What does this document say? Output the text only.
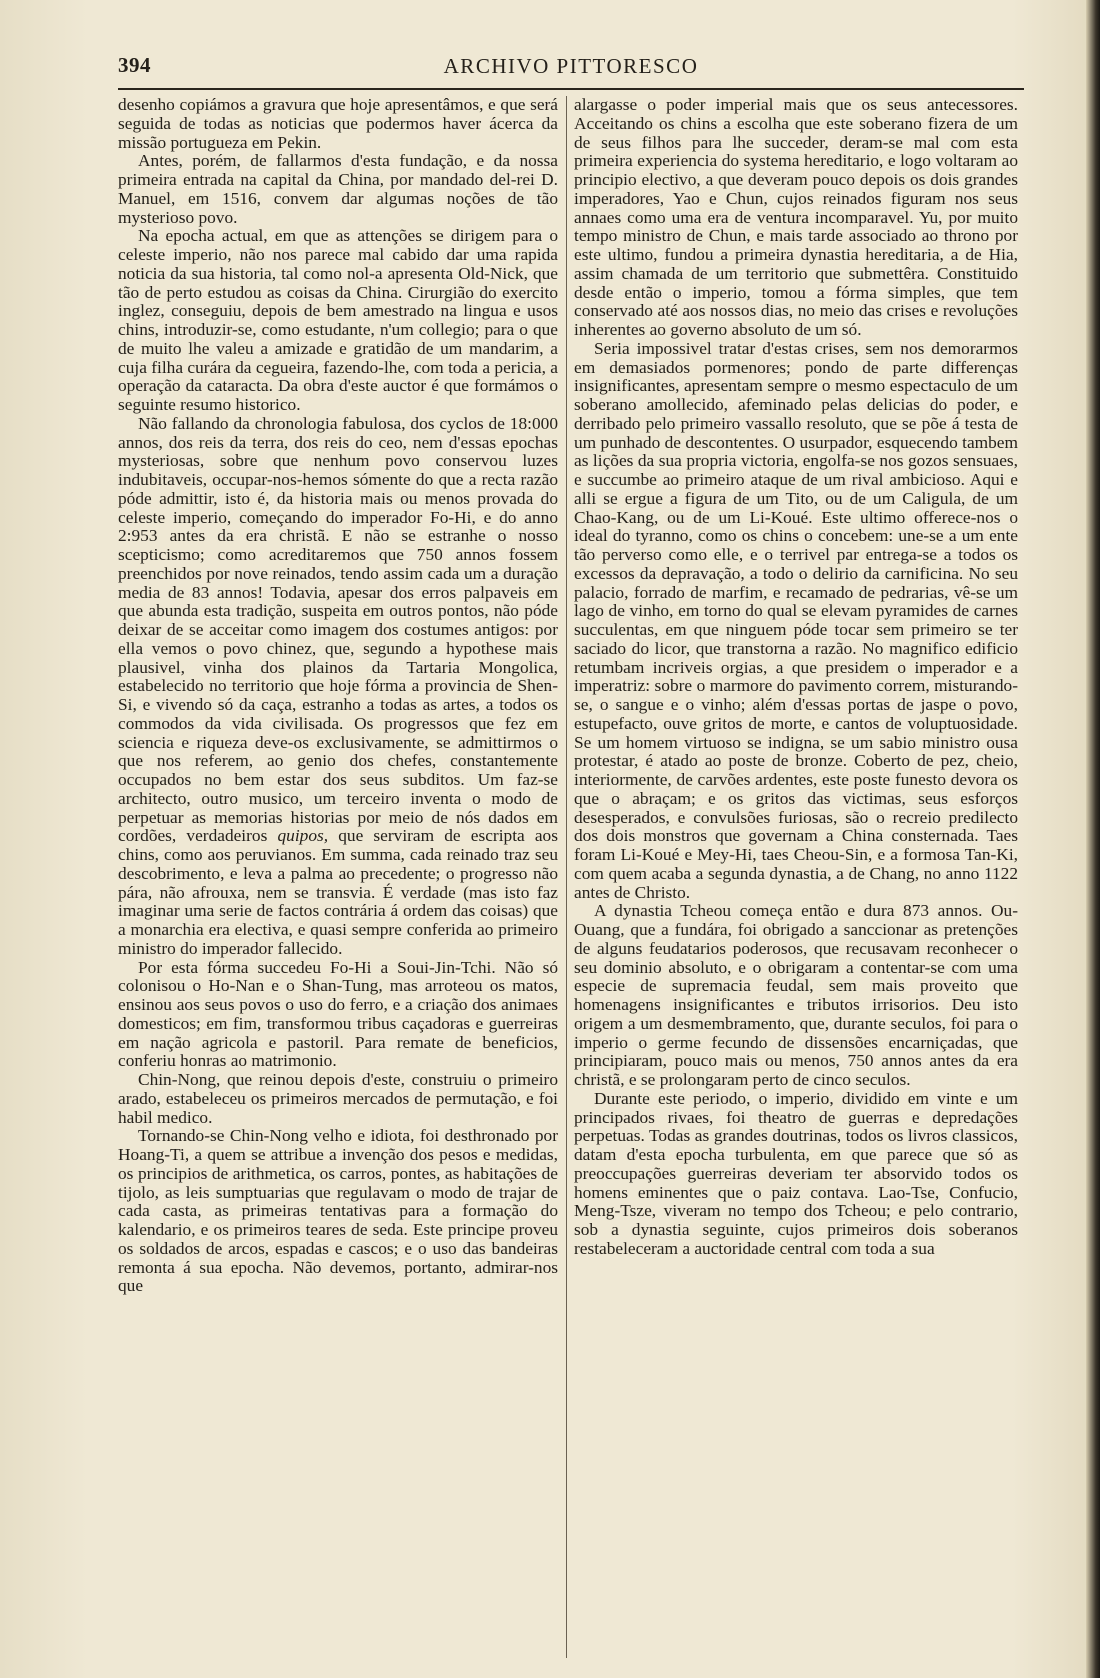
394	ARCHIVO PITTORESCO

desenho copiámos a gravura que hoje apresentâmos, e que será seguida de todas as noticias que podermos haver ácerca da missão portugueza em Pekin.

Antes, porém, de fallarmos d'esta fundação, e da nossa primeira entrada na capital da China, por mandado del-rei D. Manuel, em 1516, convem dar algumas noções de tão mysterioso povo.

Na epocha actual, em que as attenções se dirigem para o celeste imperio, não nos parece mal cabido dar uma rapida noticia da sua historia, tal como nol-a apresenta Old-Nick, que tão de perto estudou as coisas da China. Cirurgião do exercito inglez, conseguiu, depois de bem amestrado na lingua e usos chins, introduzir-se, como estudante, n'um collegio; para o que de muito lhe valeu a amizade e gratidão de um mandarim, a cuja filha curára da cegueira, fazendo-lhe, com toda a pericia, a operação da cataracta. Da obra d'este auctor é que formámos o seguinte resumo historico.

Não fallando da chronologia fabulosa, dos cyclos de 18:000 annos, dos reis da terra, dos reis do ceo, nem d'essas epochas mysteriosas, sobre que nenhum povo conservou luzes indubitaveis, occupar-nos-hemos sómente do que a recta razão póde admittir, isto é, da historia mais ou menos provada do celeste imperio, começando do imperador Fo-Hi, e do anno 2:953 antes da era christã. E não se estranhe o nosso scepticismo; como acreditaremos que 750 annos fossem preenchidos por nove reinados, tendo assim cada um a duração media de 83 annos! Todavia, apesar dos erros palpaveis em que abunda esta tradição, suspeita em outros pontos, não póde deixar de se acceitar como imagem dos costumes antigos: por ella vemos o povo chinez, que, segundo a hypothese mais plausivel, vinha dos plainos da Tartaria Mongolica, estabelecido no territorio que hoje fórma a provincia de Shen-Si, e vivendo só da caça, estranho a todas as artes, a todos os commodos da vida civilisada. Os progressos que fez em sciencia e riqueza deve-os exclusivamente, se admittirmos o que nos referem, ao genio dos chefes, constantemente occupados no bem estar dos seus subditos. Um faz-se architecto, outro musico, um terceiro inventa o modo de perpetuar as memorias historias por meio de nós dados em cordões, verdadeiros quipos, que serviram de escripta aos chins, como aos peruvianos. Em summa, cada reinado traz seu descobrimento, e leva a palma ao precedente; o progresso não pára, não afrouxa, nem se transvia. É verdade (mas isto faz imaginar uma serie de factos contrária á ordem das coisas) que a monarchia era electiva, e quasi sempre conferida ao primeiro ministro do imperador fallecido.

Por esta fórma succedeu Fo-Hi a Soui-Jin-Tchi. Não só colonisou o Ho-Nan e o Shan-Tung, mas arroteou os matos, ensinou aos seus povos o uso do ferro, e a criação dos animaes domesticos; em fim, transformou tribus caçadoras e guerreiras em nação agricola e pastoril. Para remate de beneficios, conferiu honras ao matrimonio.

Chin-Nong, que reinou depois d'este, construiu o primeiro arado, estabeleceu os primeiros mercados de permutação, e foi habil medico.

Tornando-se Chin-Nong velho e idiota, foi desthronado por Hoang-Ti, a quem se attribue a invenção dos pesos e medidas, os principios de arithmetica, os carros, pontes, as habitações de tijolo, as leis sumptuarias que regulavam o modo de trajar de cada casta, as primeiras tentativas para a formação do kalendario, e os primeiros teares de seda. Este principe proveu os soldados de arcos, espadas e cascos; e o uso das bandeiras remonta á sua epocha. Não devemos, portanto, admirar-nos que

alargasse o poder imperial mais que os seus antecessores. Acceitando os chins a escolha que este soberano fizera de um de seus filhos para lhe succeder, deram-se mal com esta primeira experiencia do systema hereditario, e logo voltaram ao principio electivo, a que deveram pouco depois os dois grandes imperadores, Yao e Chun, cujos reinados figuram nos seus annaes como uma era de ventura incomparavel. Yu, por muito tempo ministro de Chun, e mais tarde associado ao throno por este ultimo, fundou a primeira dynastia hereditaria, a de Hia, assim chamada de um territorio que submettêra. Constituido desde então o imperio, tomou a fórma simples, que tem conservado até aos nossos dias, no meio das crises e revoluções inherentes ao governo absoluto de um só.

Seria impossivel tratar d'estas crises, sem nos demorarmos em demasiados pormenores; pondo de parte differenças insignificantes, apresentam sempre o mesmo espectaculo de um soberano amollecido, afeminado pelas delicias do poder, e derribado pelo primeiro vassallo resoluto, que se põe á testa de um punhado de descontentes. O usurpador, esquecendo tambem as lições da sua propria victoria, engolfa-se nos gozos sensuaes, e succumbe ao primeiro ataque de um rival ambicioso. Aqui e alli se ergue a figura de um Tito, ou de um Caligula, de um Chao-Kang, ou de um Li-Koué. Este ultimo offerece-nos o ideal do tyranno, como os chins o concebem: une-se a um ente tão perverso como elle, e o terrivel par entrega-se a todos os excessos da depravação, a todo o delirio da carnificina. No seu palacio, forrado de marfim, e recamado de pedrarias, vê-se um lago de vinho, em torno do qual se elevam pyramides de carnes succulentas, em que ninguem póde tocar sem primeiro se ter saciado do licor, que transtorna a razão. No magnifico edificio retumbam incriveis orgias, a que presidem o imperador e a imperatriz: sobre o marmore do pavimento correm, misturando-se, o sangue e o vinho; além d'essas portas de jaspe o povo, estupefacto, ouve gritos de morte, e cantos de voluptuosidade. Se um homem virtuoso se indigna, se um sabio ministro ousa protestar, é atado ao poste de bronze. Coberto de pez, cheio, interiormente, de carvões ardentes, este poste funesto devora os que o abraçam; e os gritos das victimas, seus esforços desesperados, e convulsões furiosas, são o recreio predilecto dos dois monstros que governam a China consternada. Taes foram Li-Koué e Mey-Hi, taes Cheou-Sin, e a formosa Tan-Ki, com quem acaba a segunda dynastia, a de Chang, no anno 1122 antes de Christo.

A dynastia Tcheou começa então e dura 873 annos. Ou-Ouang, que a fundára, foi obrigado a sanccionar as pretenções de alguns feudatarios poderosos, que recusavam reconhecer o seu dominio absoluto, e o obrigaram a contentar-se com uma especie de supremacia feudal, sem mais proveito que homenagens insignificantes e tributos irrisorios. Deu isto origem a um desmembramento, que, durante seculos, foi para o imperio o germe fecundo de dissensões encarniçadas, que principiaram, pouco mais ou menos, 750 annos antes da era christã, e se prolongaram perto de cinco seculos.

Durante este periodo, o imperio, dividido em vinte e um principados rivaes, foi theatro de guerras e depredações perpetuas. Todas as grandes doutrinas, todos os livros classicos, datam d'esta epocha turbulenta, em que parece que só as preoccupações guerreiras deveriam ter absorvido todos os homens eminentes que o paiz contava. Lao-Tse, Confucio, Meng-Tsze, viveram no tempo dos Tcheou; e pelo contrario, sob a dynastia seguinte, cujos primeiros dois soberanos restabeleceram a auctoridade central com toda a sua
